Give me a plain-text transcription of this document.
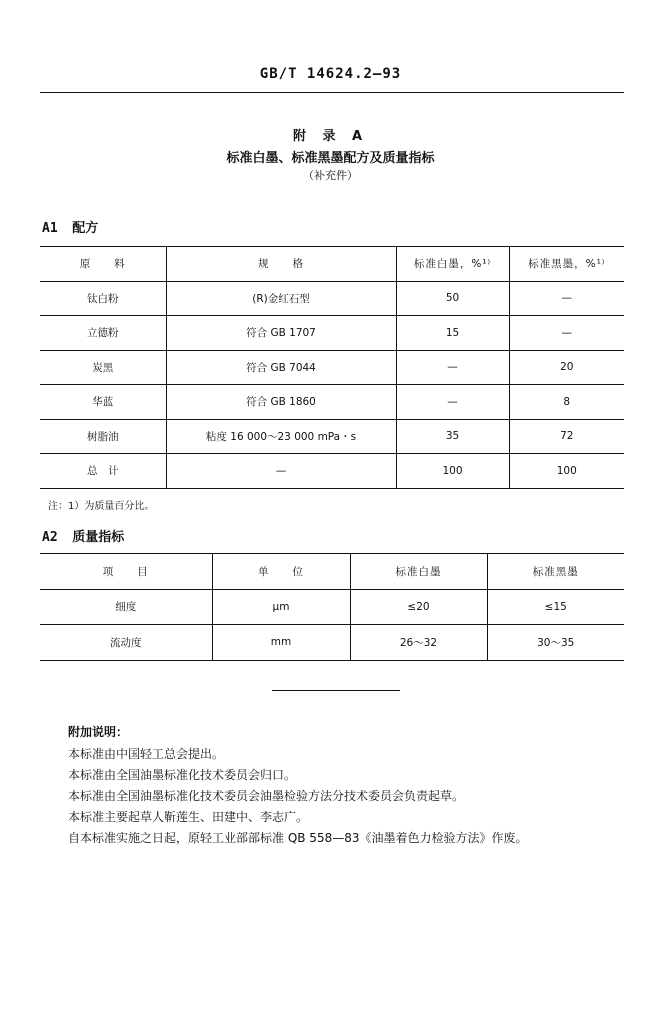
GB/T 14624.2—93
附 录 A
标准白墨、标准黑墨配方及质量指标
（补充件）
A1 配方
原　　料	规　　格	标准白墨，%¹⁾	标准黑墨，%¹⁾
钛白粉	(R)金红石型	50	—
立德粉	符合 GB 1707	15	—
炭黑	符合 GB 7044	—	20
华蓝	符合 GB 1860	—	8
树脂油	粘度 16 000～23 000 mPa・s	35	72
总　计	—	100	100
注：1）为质量百分比。
A2 质量指标
项　　目	单　　位	标准白墨	标准黑墨
细度	μm	≤20	≤15
流动度	mm	26～32	30～35
附加说明：
本标准由中国轻工总会提出。
本标准由全国油墨标准化技术委员会归口。
本标准由全国油墨标准化技术委员会油墨检验方法分技术委员会负责起草。
本标准主要起草人靳莲生、田建中、李志广。
自本标准实施之日起，原轻工业部部标准 QB 558—83《油墨着色力检验方法》作废。
